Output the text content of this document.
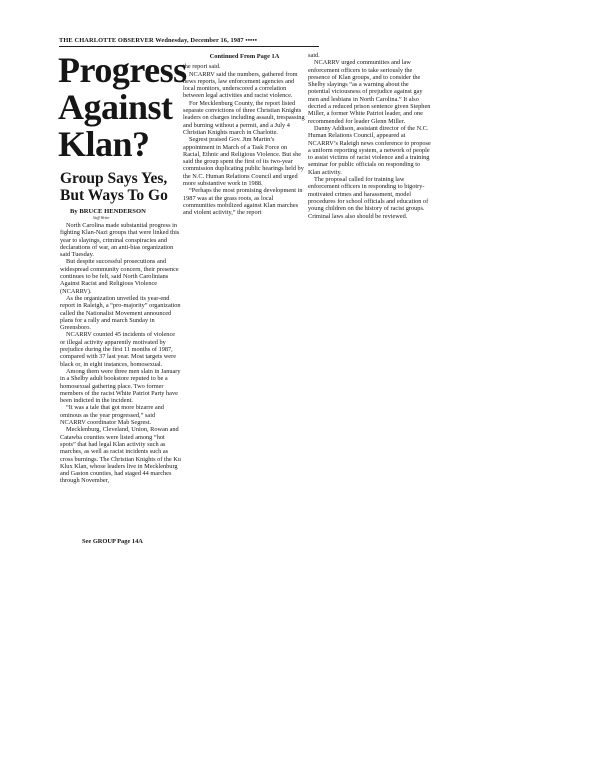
THE CHARLOTTE OBSERVER Wednesday, December 16, 1987 •••••
Progress
Against
Klan?
Group Says Yes,
But Ways To Go
By BRUCE HENDERSON
Staff Writer

North Carolina made substantial progress in fighting Klan-Nazi groups that were linked this year to slayings, criminal conspiracies and declarations of war, an anti-bias organization said Tuesday.

But despite successful prosecutions and widespread community concern, their presence continues to be felt, said North Carolinians Against Racist and Religious Violence (NCARRV).

As the organization unveiled its year-end report in Raleigh, a “pro-majority” organization called the Nationalist Movement announced plans for a rally and march Sunday in Greensboro.

NCARRV counted 45 incidents of violence or illegal activity apparently motivated by prejudice during the first 11 months of 1987, compared with 37 last year. Most targets were black or, in eight instances, homosexual.

Among them were three men slain in January in a Shelby adult bookstore reputed to be a homosexual gathering place. Two former members of the racist White Patriot Party have been indicted in the incident.

“It was a tale that got more bizarre and ominous as the year progressed,” said NCARRV coordinator Mab Segrest.

Mecklenburg, Cleveland, Union, Rowan and Catawba counties were listed among “hot spots” that had legal Klan activity such as marches, as well as racist incidents such as cross burnings. The Christian Knights of the Ku Klux Klan, whose leaders live in Mecklenburg and Gaston counties, had staged 44 marches through November,

See GROUP Page 14A
Continued From Page 1A

the report said.

NCARRV said the numbers, gathered from news reports, law enforcement agencies and local monitors, underscored a correlation between legal activities and racist violence.

For Mecklenburg County, the report listed separate convictions of three Christian Knights leaders on charges including assault, trespassing and burning without a permit, and a July 4 Christian Knights march in Charlotte.

Segrest praised Gov. Jim Martin’s appointment in March of a Task Force on Racial, Ethnic and Religious Violence. But she said the group spent the first of its two-year commission duplicating public hearings held by the N.C. Human Relations Council and urged more substantive work in 1988.

“Perhaps the most promising development in 1987 was at the grass roots, as local communities mobilized against Klan marches and violent activity,” the report

said.

NCARRV urged communities and law enforcement officers to take seriously the presence of Klan groups, and to consider the Shelby slayings “as a warning about the potential viciousness of prejudice against gay men and lesbians in North Carolina.” It also decried a reduced prison sentence given Stephen Miller, a former White Patriot leader, and one recommended for leader Glenn Miller.

Danny Addison, assistant director of the N.C. Human Relations Council, appeared at NCARRV’s Raleigh news conference to propose a uniform reporting system, a network of people to assist victims of racist violence and a training seminar for public officials on responding to Klan activity.

The proposal called for training law enforcement officers in responding to bigotry-motivated crimes and harassment, model procedures for school officials and education of young children on the history of racist groups. Criminal laws also should be reviewed.
